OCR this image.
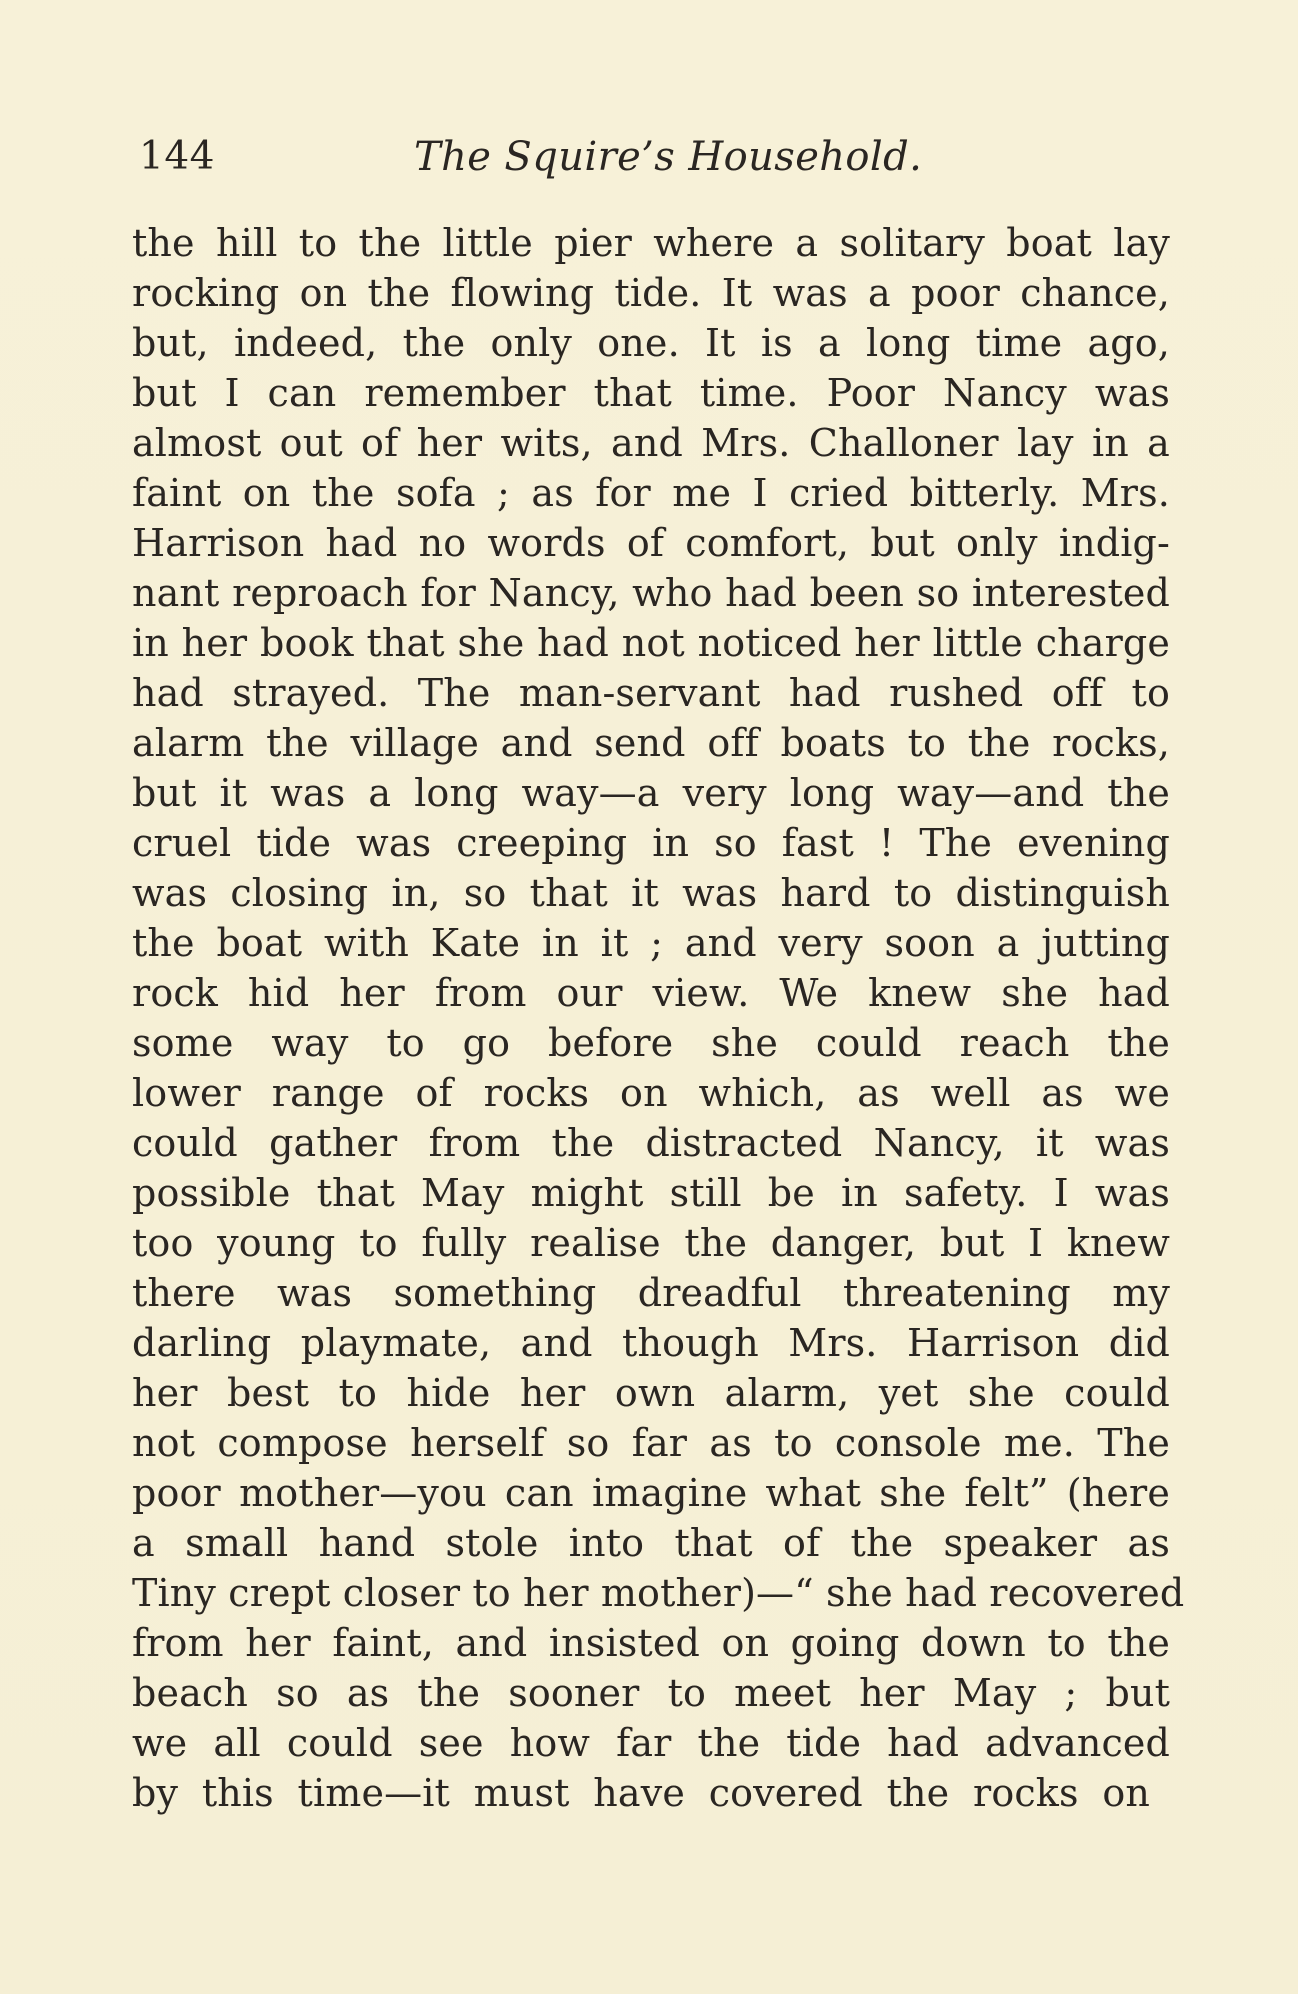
144	The Squire’s Household.
the hill to the little pier where a solitary boat lay
rocking on the flowing tide. It was a poor chance,
but, indeed, the only one. It is a long time ago,
but I can remember that time. Poor Nancy was
almost out of her wits, and Mrs. Challoner lay in a
faint on the sofa ; as for me I cried bitterly. Mrs.
Harrison had no words of comfort, but only indig-
nant reproach for Nancy, who had been so interested
in her book that she had not noticed her little charge
had strayed. The man-servant had rushed off to
alarm the village and send off boats to the rocks,
but it was a long way—a very long way—and the
cruel tide was creeping in so fast ! The evening
was closing in, so that it was hard to distinguish
the boat with Kate in it ; and very soon a jutting
rock hid her from our view. We knew she had
some way to go before she could reach the
lower range of rocks on which, as well as we
could gather from the distracted Nancy, it was
possible that May might still be in safety. I was
too young to fully realise the danger, but I knew
there was something dreadful threatening my
darling playmate, and though Mrs. Harrison did
her best to hide her own alarm, yet she could
not compose herself so far as to console me. The
poor mother—you can imagine what she felt” (here
a small hand stole into that of the speaker as
Tiny crept closer to her mother)—“ she had recovered
from her faint, and insisted on going down to the
beach so as the sooner to meet her May ; but
we all could see how far the tide had advanced
by this time—it must have covered the rocks on
